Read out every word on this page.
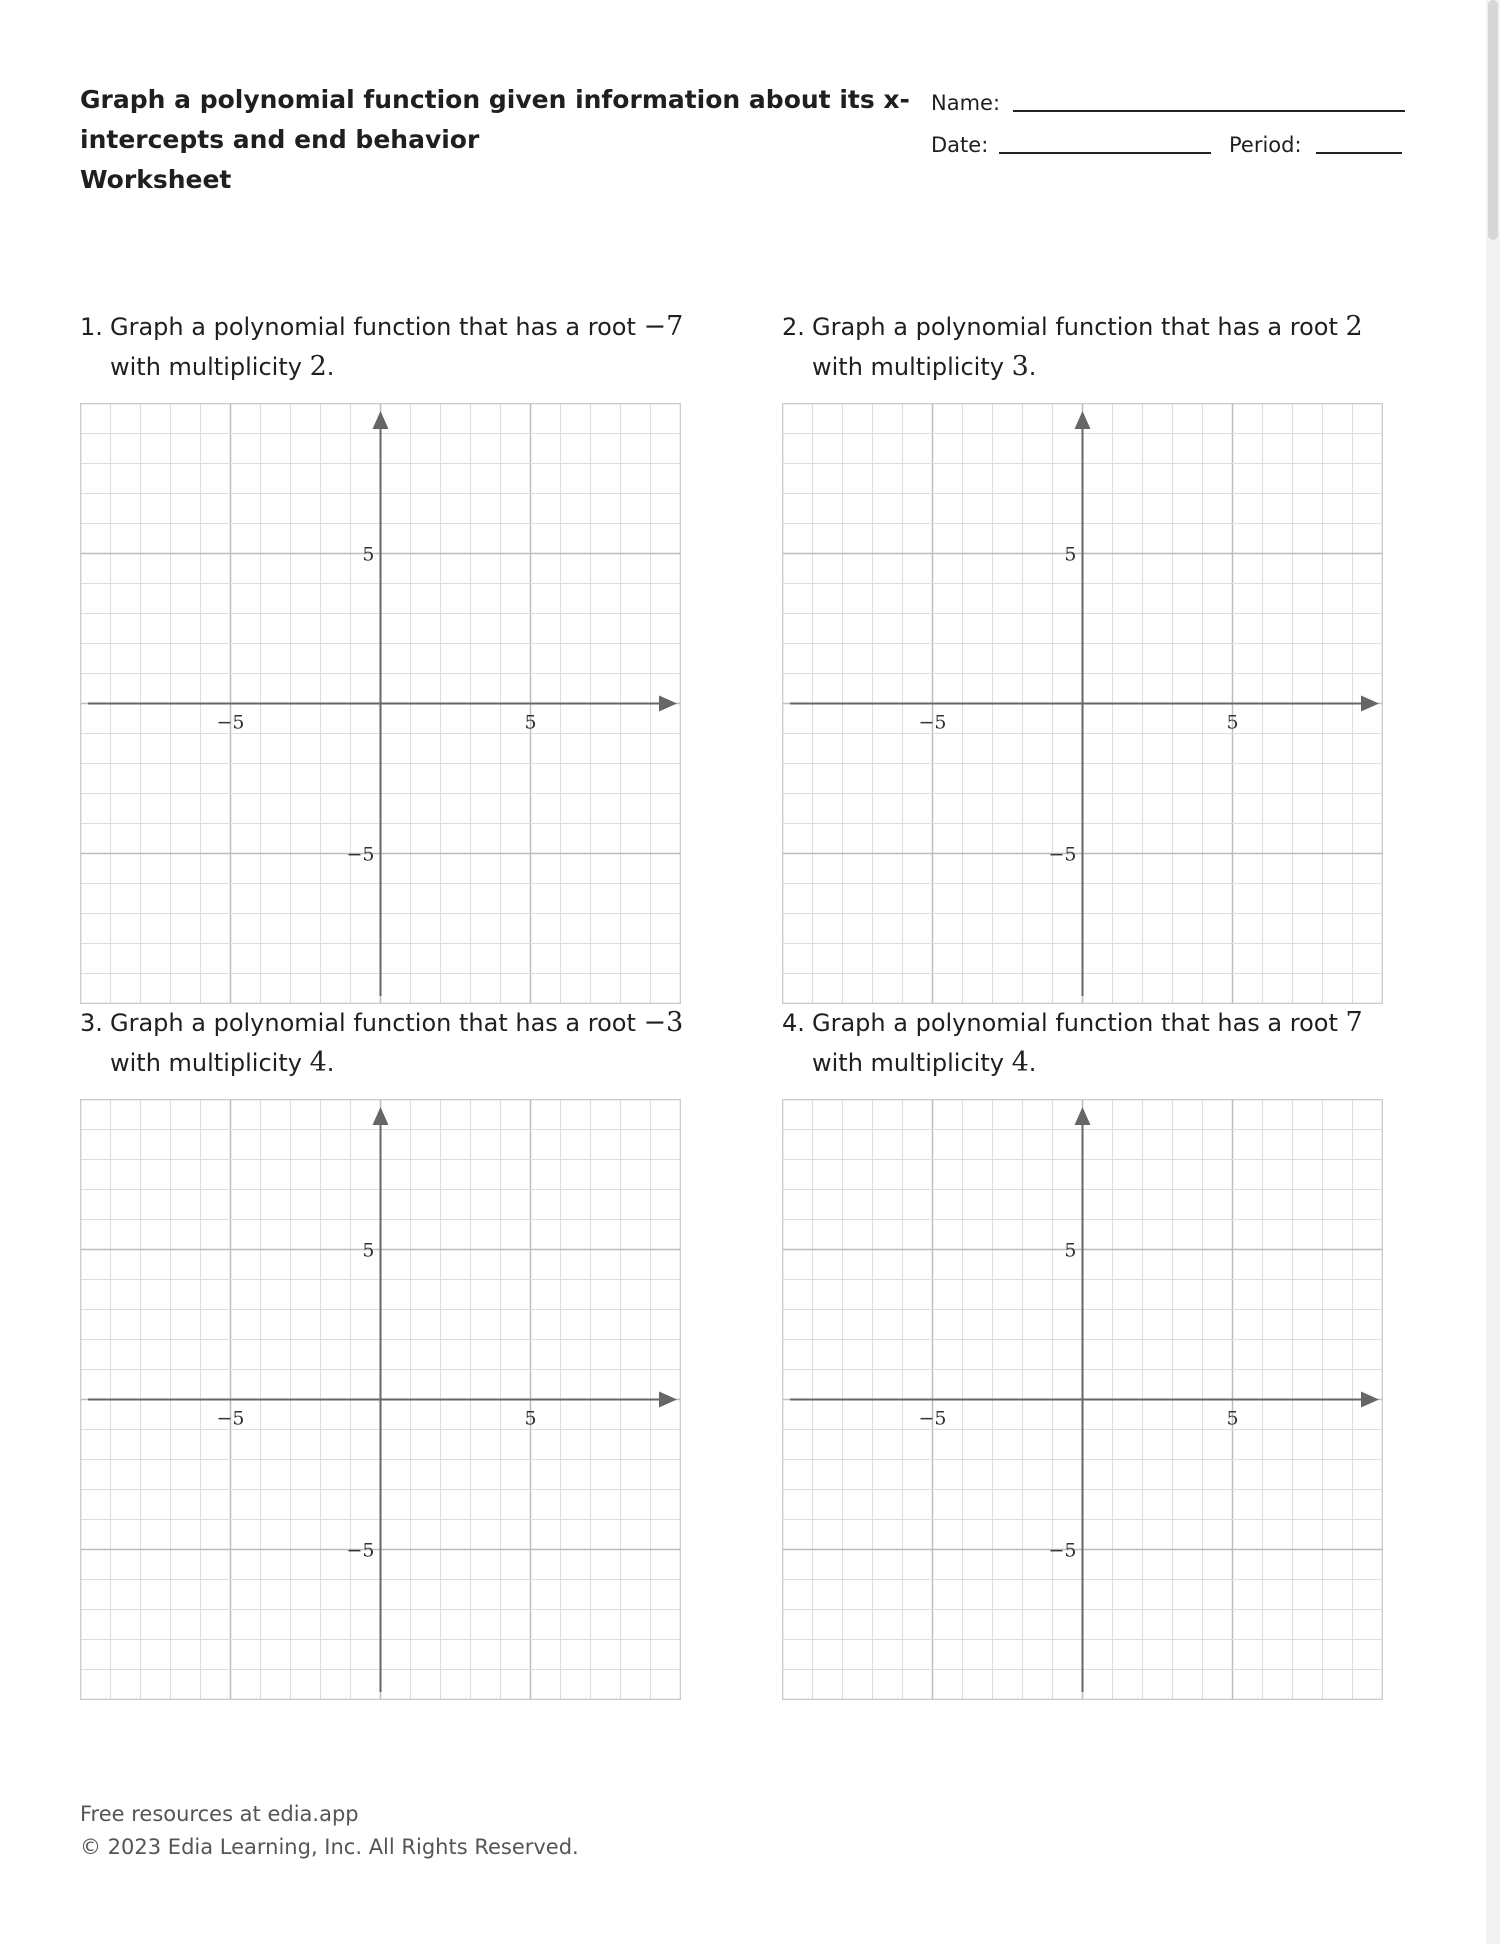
Graph a polynomial function given information about its x-
intercepts and end behavior
Worksheet
Name:
Date:	Period:
1. Graph a polynomial function that has a root −7
with multiplicity 2.
−5	5
5
−5
2. Graph a polynomial function that has a root 2
with multiplicity 3.
−5	5
5
−5
3. Graph a polynomial function that has a root −3
with multiplicity 4.
−5	5
5
−5
4. Graph a polynomial function that has a root 7
with multiplicity 4.
−5	5
5
−5
Free resources at edia.app
© 2023 Edia Learning, Inc. All Rights Reserved.
